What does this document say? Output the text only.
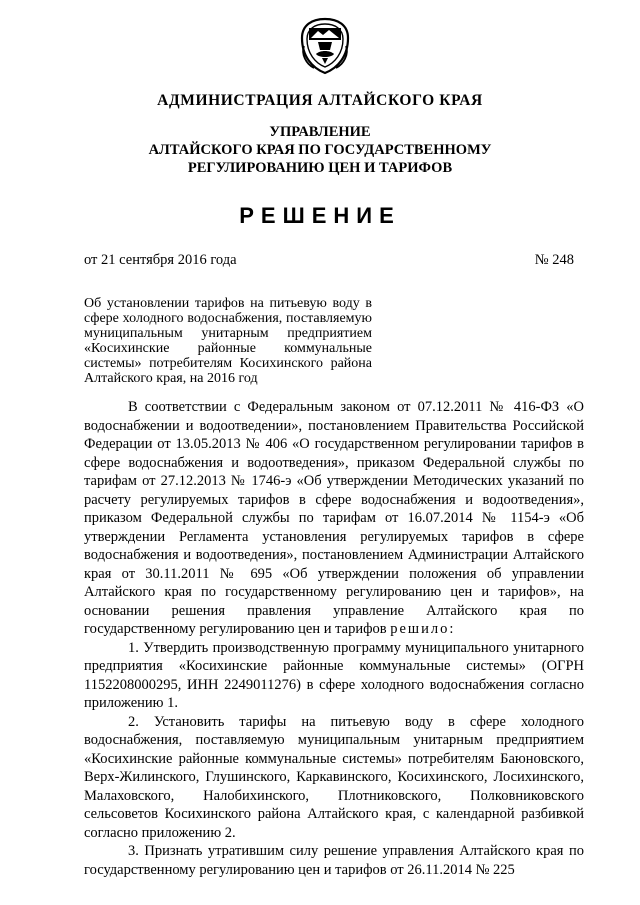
АДМИНИСТРАЦИЯ АЛТАЙСКОГО КРАЯ
УПРАВЛЕНИЕ
АЛТАЙСКОГО КРАЯ ПО ГОСУДАРСТВЕННОМУ
РЕГУЛИРОВАНИЮ ЦЕН И ТАРИФОВ
РЕШЕНИЕ
от 21 сентября 2016 года	№ 248
Об установлении тарифов на питьевую воду в сфере холодного водоснабжения, поставляемую муниципальным унитарным предприятием «Косихинские районные коммунальные системы» потребителям Косихинского района Алтайского края, на 2016 год

В соответствии с Федеральным законом от 07.12.2011 № 416-ФЗ «О водоснабжении и водоотведении», постановлением Правительства Российской Федерации от 13.05.2013 № 406 «О государственном регулировании тарифов в сфере водоснабжения и водоотведения», приказом Федеральной службы по тарифам от 27.12.2013 № 1746-э «Об утверждении Методических указаний по расчету регулируемых тарифов в сфере водоснабжения и водоотведения», приказом Федеральной службы по тарифам от 16.07.2014 № 1154-э «Об утверждении Регламента установления регулируемых тарифов в сфере водоснабжения и водоотведения», постановлением Администрации Алтайского края от 30.11.2011 № 695 «Об утверждении положения об управлении Алтайского края по государственному регулированию цен и тарифов», на основании решения правления управление Алтайского края по государственному регулированию цен и тарифов решило:

1. Утвердить производственную программу муниципального унитарного предприятия «Косихинские районные коммунальные системы» (ОГРН 1152208000295, ИНН 2249011276) в сфере холодного водоснабжения согласно приложению 1.

2. Установить тарифы на питьевую воду в сфере холодного водоснабжения, поставляемую муниципальным унитарным предприятием «Косихинские районные коммунальные системы» потребителям Баюновского, Верх-Жилинского, Глушинского, Каркавинского, Косихинского, Лосихинского, Малаховского, Налобихинского, Плотниковского, Полковниковского сельсоветов Косихинского района Алтайского края, с календарной разбивкой согласно приложению 2.

3. Признать утратившим силу решение управления Алтайского края по государственному регулированию цен и тарифов от 26.11.2014 № 225
